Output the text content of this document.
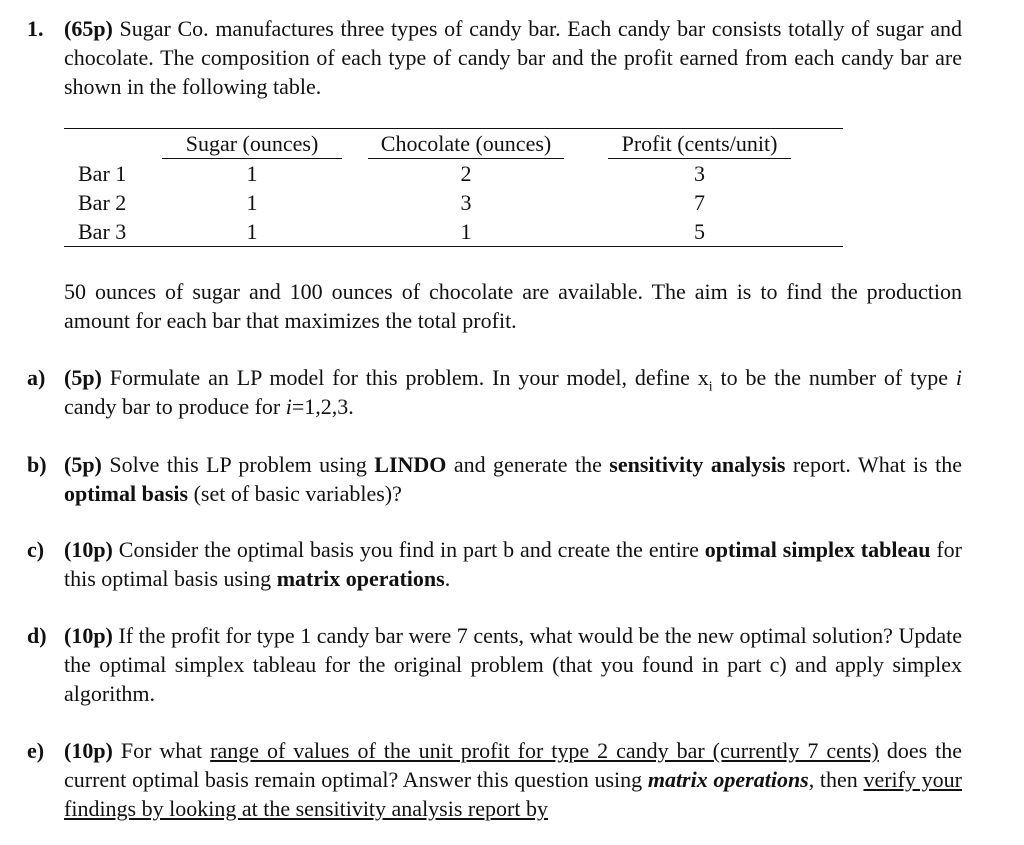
1. (65p) Sugar Co. manufactures three types of candy bar. Each candy bar consists totally of sugar and chocolate. The composition of each type of candy bar and the profit earned from each candy bar are shown in the following table.
	Sugar (ounces)		Chocolate (ounces)		Profit (cents/unit)	
Bar 1	1		2		3	
Bar 2	1		3		7	
Bar 3	1		1		5	
50 ounces of sugar and 100 ounces of chocolate are available. The aim is to find the production amount for each bar that maximizes the total profit.
a) (5p) Formulate an LP model for this problem. In your model, define $x_i$ to be the number of type i candy bar to produce for i=1,2,3.
b) (5p) Solve this LP problem using LINDO and generate the sensitivity analysis report. What is the optimal basis (set of basic variables)?
c) (10p) Consider the optimal basis you find in part b and create the entire optimal simplex tableau for this optimal basis using matrix operations.
d) (10p) If the profit for type 1 candy bar were 7 cents, what would be the new optimal solution? Update the optimal simplex tableau for the original problem (that you found in part c) and apply simplex algorithm.
e) (10p) For what range of values of the unit profit for type 2 candy bar (currently 7 cents) does the current optimal basis remain optimal? Answer this question using matrix operations, then verify your findings by looking at the sensitivity analysis report by
